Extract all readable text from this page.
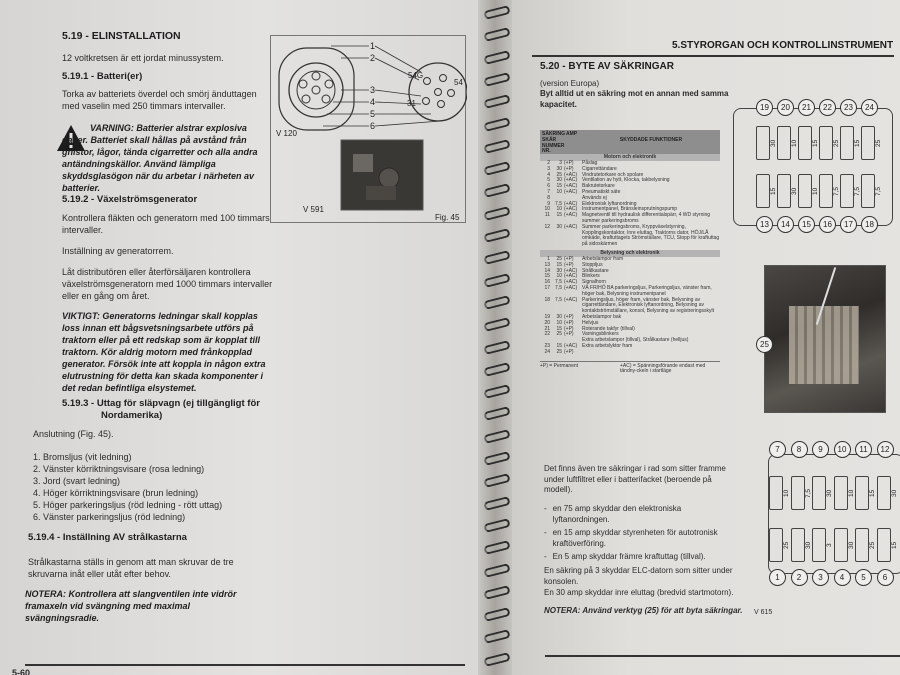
5.19 - ELINSTALLATION
12 voltkretsen är ett jordat minussystem.
5.19.1 - Batteri(er)
Torka av batteriets överdel och smörj änduttagen med vaselin med 250 timmars intervaller.
VARNING: Batterier alstrar explosiva gaser. Batteriet skall hållas på avstånd från gnistor, lågor, tända cigarretter och alla andra antändningskällor. Använd lämpliga skyddsglasögon när du arbetar i närheten av batterier.
5.19.2 - Växelströmsgenerator
Kontrollera fläkten och generatorn med 100 timmars intervaller.
Inställning av generatorrem.
Låt distributören eller återförsäljaren kontrollera växelströmsgeneratorn med 1000 timmars intervaller eller en gång om året.
VIKTIGT: Generatorns ledningar skall kopplas loss innan ett bågsvetsningsarbete utförs på traktorn eller på ett redskap som är kopplat till traktorn. Kör aldrig motorn med frånkopplad generator. Försök inte att koppla in någon extra elutrustning för detta kan skada komponenter i det redan befintliga elsystemet.
5.19.3 - Uttag för släpvagn (ej tillgängligt för
Nordamerika)
Anslutning (Fig. 45).
1. Bromsljus (vit ledning)
2. Vänster körriktningsvisare (rosa ledning)
3. Jord (svart ledning)
4. Höger körriktningsvisare (brun ledning)
5. Höger parkeringsljus (röd ledning - rött uttag)
6. Vänster parkeringsljus (röd ledning)
5.19.4 - Inställning AV strålkastarna
Strålkastarna ställs in genom att man skruvar de tre skruvarna inåt eller utåt efter behov.
NOTERA: Kontrollera att slangventilen inte vidrör framaxeln vid svängning med maximal svängningsradie.
1
2
3
4
5
6
54G
31
54
V 120
V 591
Fig. 45
5-60
5.STYRORGAN OCH KONTROLLINSTRUMENT
5.20 - BYTE AV SÄKRINGAR
(version Europa)
Byt alltid ut en säkring mot en annan med samma kapacitet.
SÄKRING SKÄR NUMMER NR.
AMP
SKYDDADE FUNKTIONER
Motorn och elektronik
2	3 (+P)	Påslag
3	30 (+P)	Cigarrettändare
4	25 (+AC) Vindrutetorkare och spolare
5	30 (+AC) Ventilation av hytt, Klocka, takbelysning
6	15 (+AC) Bakrutetorkare
7	10 (+AC) Pneumatiskt säte
8	Används ej
9	7,5 (+AC) Elektronisk lyftanordning
10	10 (+AC) Instrumentpanel, Bränsleinsprutningspump
11	15 (+AC) Magnetventil till hydraulisk differentialspärr, 4 WD styrning summer parkeringsbroms
12	30 (+AC) Summer parkeringsbroms, Kryppväxelstyrning, Kopplingskontaktor, Inre eluttag, Traktorns dator, HÖJ/LÅ omkäde, kraftuttagets Strömställare, TCU, Stopp för kraftuttag på sidoskärmen
Belysning och elektronik
1	25 (+P)	Arbetslampor fram
13	15 (+P)	Stoppljus
14	30 (+AC) Strålkastare
15	10 (+AC) Blinkers
16	7,5 (+AC) Signalhorn
17	7,5 (+AC) VÄ FR/HÖ BA parkeringsljus, Parkeringsljus, vänster fram, höger bak, Belysning instrumentpanel
18	7,5 (+AC) Parkeringsljus, höger fram, vänster bak, Belysning av cigarrettändare, Elektronisk lyftanordning, Belysning av kontaktströmställare, konsol, Belysning av registreringsskylt
19	30 (+P)	Arbetslampor bak
20	10 (+P)	Helvjus
21	15 (+P)	Roterande takfyr (tillval)
22	25 (+P)	Varningsblinkers
Extra arbetslampor (tillval), Strålkastare (helljus)
23	15 (+AC) Extra arbetslyktor fram
24	25 (+P)
+P) = Permanent	+AC) = Spänningsförande endast med tändny-ckeln i startläge
Det finns även tre säkringar i rad som sitter framme under luftfiltret eller i batterifacket (beroende på modell).
- en 75 amp skyddar den elektroniska lyftanordningen.
- en 15 amp skyddar styrenheten för autotronisk kraftöverföring.
- En 5 amp skyddar främre kraftuttag (tillval).
En säkring på 3 skyddar ELC-datorn som sitter under konsolen.
En 30 amp skyddar inre eluttag (bredvid startmotorn).
NOTERA: Använd verktyg (25) för att byta säkringar.
19
30
15
13
20
10
30
14
21
15
10
15
22
25
7,5
16
23
15
7,5
17
24
25
7,5
18
25
7
10
25
1
8
7,5
30
2
9
30
3
3
10
10
30
4
11
15
25
5
12
30
15
6
V 615
